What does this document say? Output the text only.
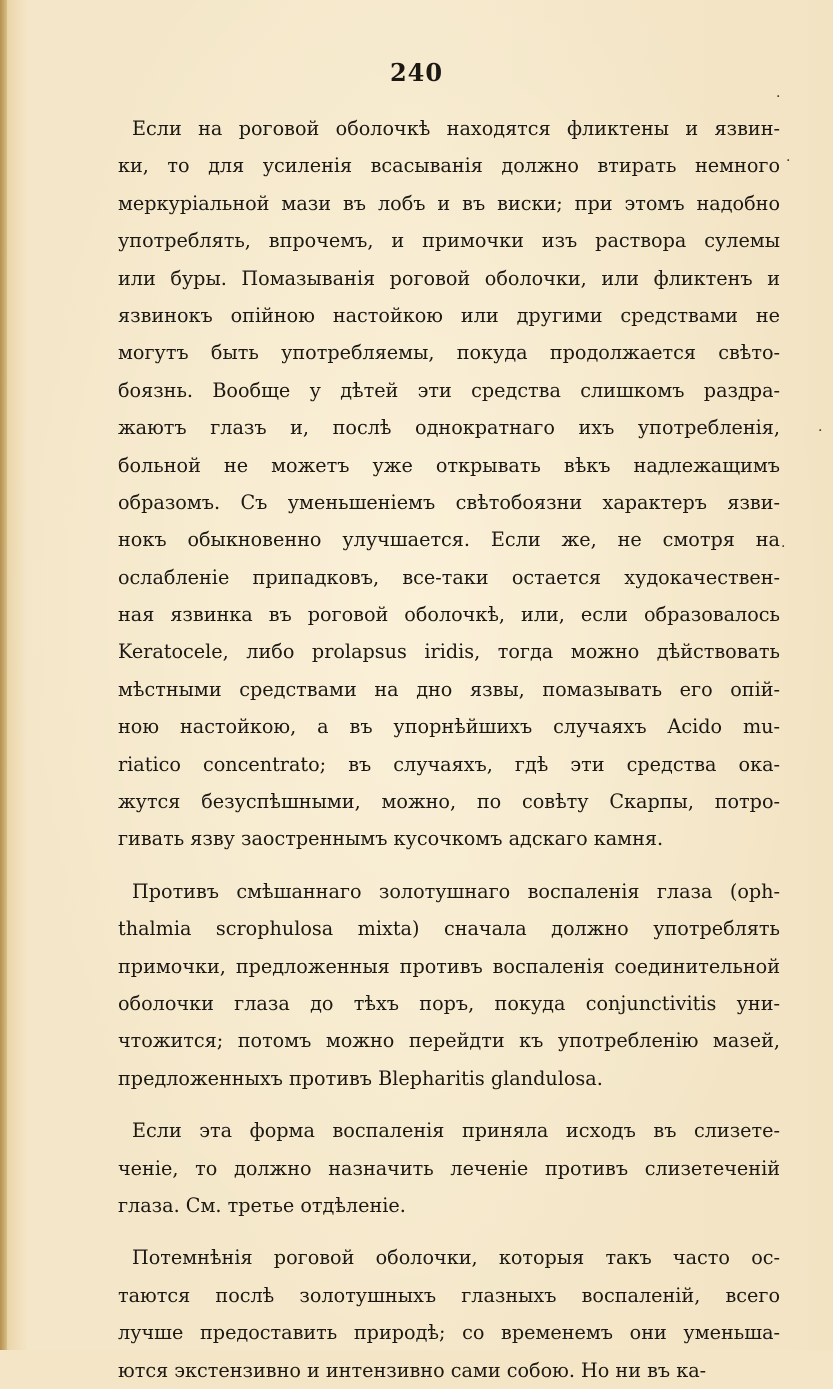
240
·
·
·
·
Если на роговой оболочкѣ находятся фликтены и язвин-
ки, то для усиленія всасыванія должно втирать немного
меркуріальной мази въ лобъ и въ виски; при этомъ надобно
употреблять, впрочемъ, и примочки изъ раствора сулемы
или буры. Помазыванія роговой оболочки, или фликтенъ и
язвинокъ опійною настойкою или другими средствами не
могутъ быть употребляемы, покуда продолжается свѣто-
боязнь. Вообще у дѣтей эти средства слишкомъ раздра-
жаютъ глазъ и, послѣ однократнаго ихъ употребленія,
больной не можетъ уже открывать вѣкъ надлежащимъ
образомъ. Съ уменьшеніемъ свѣтобоязни характеръ язви-
нокъ обыкновенно улучшается. Если же, не смотря на
ослабленіе припадковъ, все-таки остается худокачествен-
ная язвинка въ роговой оболочкѣ, или, если образовалось
Keratocele, либо prolapsus iridis, тогда можно дѣйствовать
мѣстными средствами на дно язвы, помазывать его опій-
ною настойкою, а въ упорнѣйшихъ случаяхъ Acido mu-
riatico concentrato; въ случаяхъ, гдѣ эти средства ока-
жутся безуспѣшными, можно, по совѣту Скарпы, потро-
гивать язву заостреннымъ кусочкомъ адскаго камня.
Противъ смѣшаннаго золотушнаго воспаленія глаза (oph-
thalmia scrophulosa mixta) сначала должно употреблять
примочки, предложенныя противъ воспаленія соединительной
оболочки глаза до тѣхъ поръ, покуда conjunctivitis уни-
чтожится; потомъ можно перейдти къ употребленію мазей,
предложенныхъ противъ Blepharitis glandulosa.
Если эта форма воспаленія приняла исходъ въ слизете-
ченіе, то должно назначить леченіе противъ слизетеченій
глаза. См. третье отдѣленіе.
Потемнѣнія роговой оболочки, которыя такъ часто ос-
таются послѣ золотушныхъ глазныхъ воспаленій, всего
лучше предоставить природѣ; со временемъ они уменьша-
ются экстензивно и интензивно сами собою. Но ни въ ка-
